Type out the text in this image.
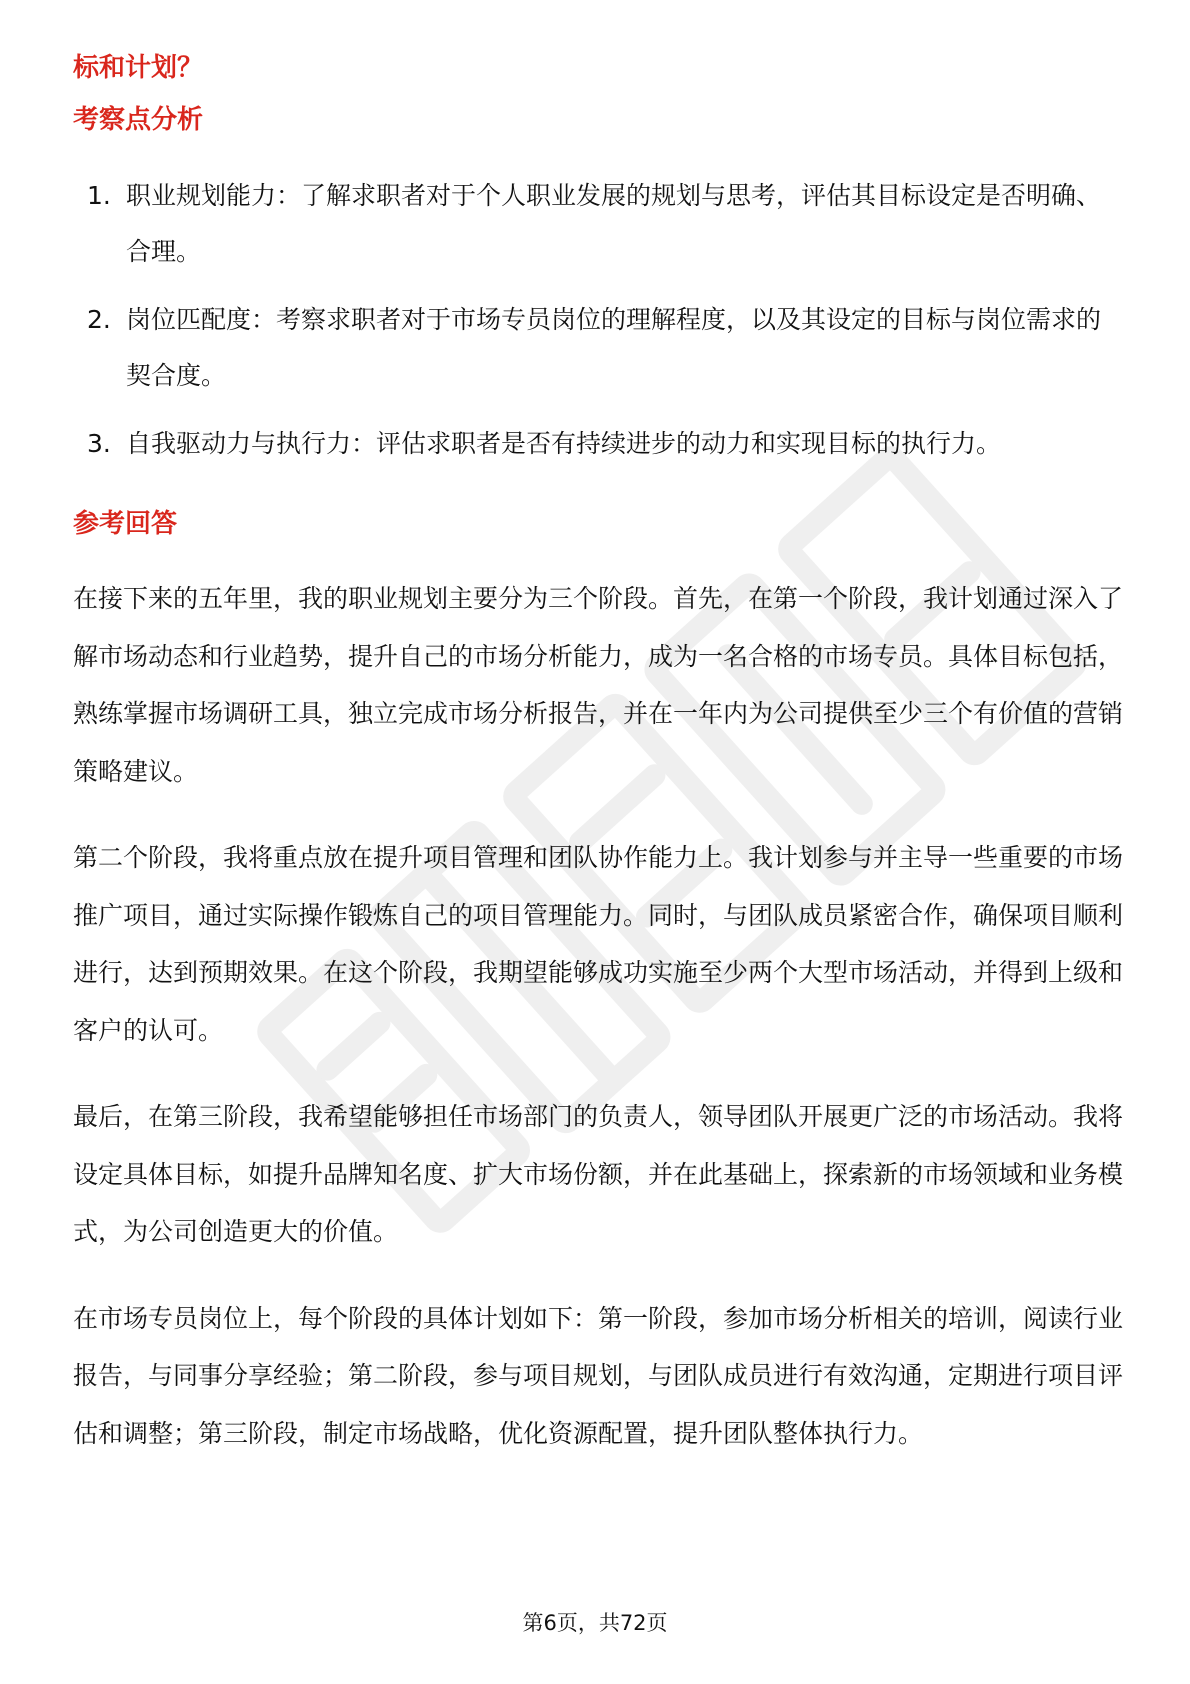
标和计划？
考察点分析
1. 职业规划能力：了解求职者对于个人职业发展的规划与思考，评估其目标设定是否明确、合理。
2. 岗位匹配度：考察求职者对于市场专员岗位的理解程度，以及其设定的目标与岗位需求的契合度。
3. 自我驱动力与执行力：评估求职者是否有持续进步的动力和实现目标的执行力。
参考回答

在接下来的五年里，我的职业规划主要分为三个阶段。首先，在第一个阶段，我计划通过深入了解市场动态和行业趋势，提升自己的市场分析能力，成为一名合格的市场专员。具体目标包括，熟练掌握市场调研工具，独立完成市场分析报告，并在一年内为公司提供至少三个有价值的营销策略建议。

第二个阶段，我将重点放在提升项目管理和团队协作能力上。我计划参与并主导一些重要的市场推广项目，通过实际操作锻炼自己的项目管理能力。同时，与团队成员紧密合作，确保项目顺利进行，达到预期效果。在这个阶段，我期望能够成功实施至少两个大型市场活动，并得到上级和客户的认可。

最后，在第三阶段，我希望能够担任市场部门的负责人，领导团队开展更广泛的市场活动。我将设定具体目标，如提升品牌知名度、扩大市场份额，并在此基础上，探索新的市场领域和业务模式，为公司创造更大的价值。

在市场专员岗位上，每个阶段的具体计划如下：第一阶段，参加市场分析相关的培训，阅读行业报告，与同事分享经验；第二阶段，参与项目规划，与团队成员进行有效沟通，定期进行项目评估和调整；第三阶段，制定市场战略，优化资源配置，提升团队整体执行力。

第6页，共72页
